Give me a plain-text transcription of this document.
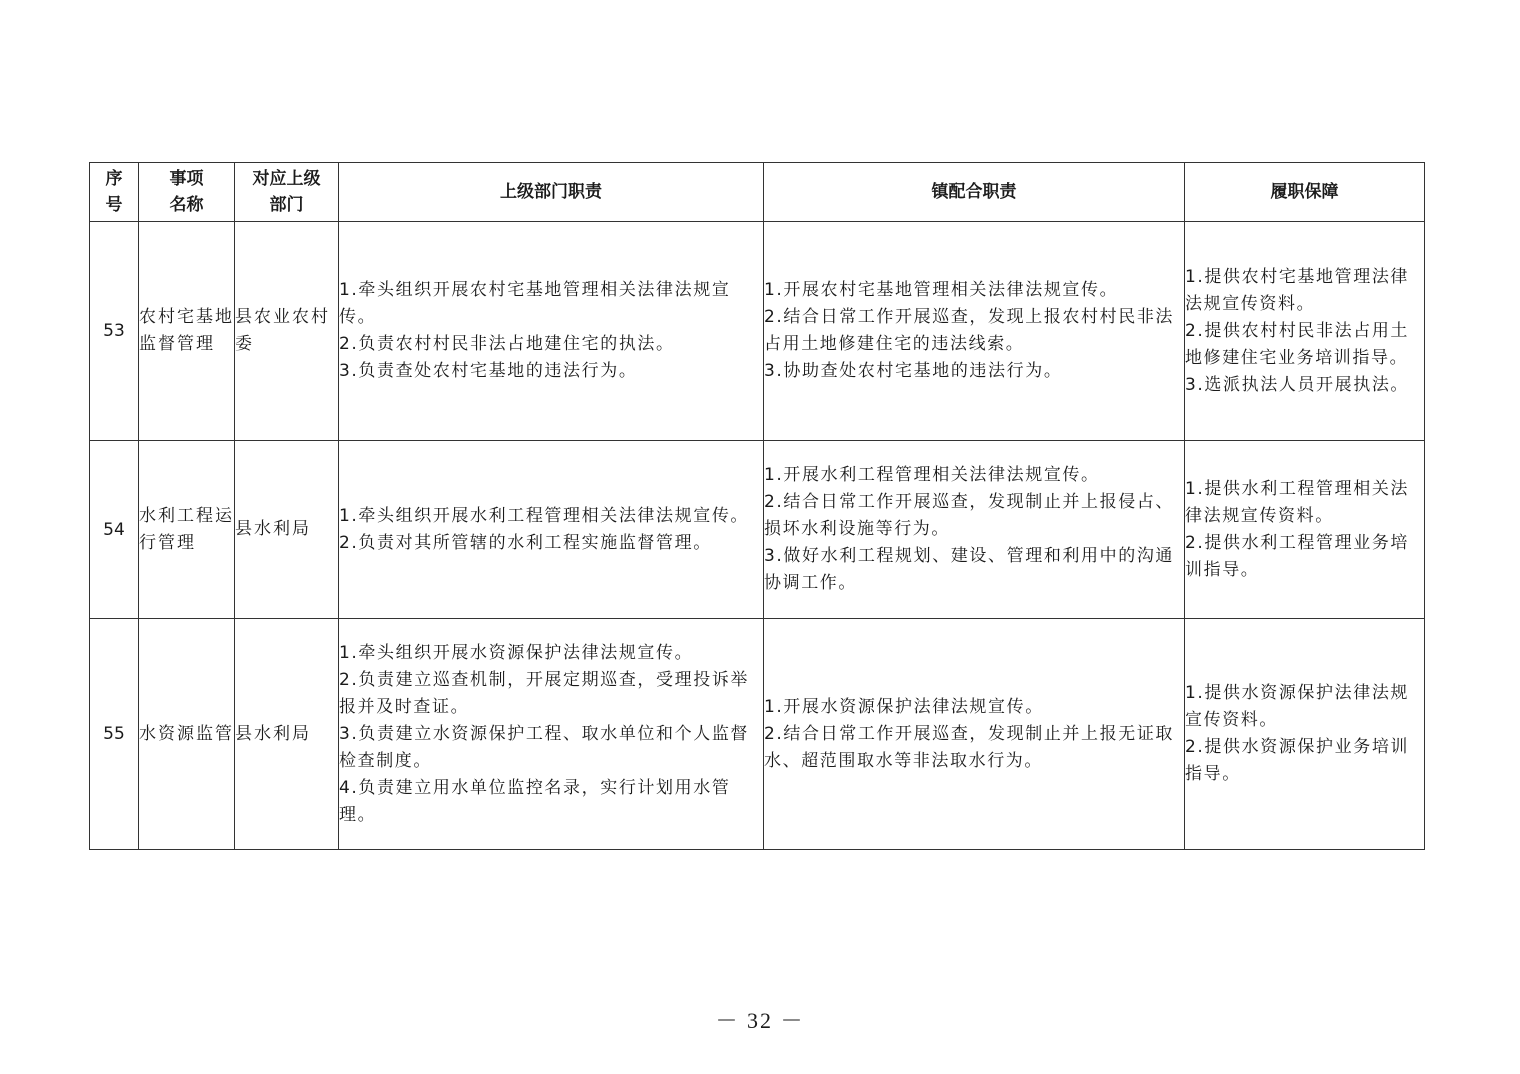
序号	事项名称	对应上级部门	上级部门职责	镇配合职责	履职保障
53	农村宅基地监督管理	县农业农村委	1.牵头组织开展农村宅基地管理相关法律法规宣传。
2.负责农村村民非法占地建住宅的执法。
3.负责查处农村宅基地的违法行为。	1.开展农村宅基地管理相关法律法规宣传。
2.结合日常工作开展巡查，发现上报农村村民非法占用土地修建住宅的违法线索。
3.协助查处农村宅基地的违法行为。	1.提供农村宅基地管理法律法规宣传资料。
2.提供农村村民非法占用土地修建住宅业务培训指导。
3.选派执法人员开展执法。

54	水利工程运行管理	县水利局	1.牵头组织开展水利工程管理相关法律法规宣传。
2.负责对其所管辖的水利工程实施监督管理。	1.开展水利工程管理相关法律法规宣传。
2.结合日常工作开展巡查，发现制止并上报侵占、损坏水利设施等行为。
3.做好水利工程规划、建设、管理和利用中的沟通协调工作。	1.提供水利工程管理相关法律法规宣传资料。
2.提供水利工程管理业务培训指导。

55	水资源监管	县水利局	1.牵头组织开展水资源保护法律法规宣传。
2.负责建立巡查机制，开展定期巡查，受理投诉举报并及时查证。
3.负责建立水资源保护工程、取水单位和个人监督检查制度。
4.负责建立用水单位监控名录，实行计划用水管理。	1.开展水资源保护法律法规宣传。
2.结合日常工作开展巡查，发现制止并上报无证取水、超范围取水等非法取水行为。	1.提供水资源保护法律法规宣传资料。
2.提供水资源保护业务培训指导。
－ 32 －
